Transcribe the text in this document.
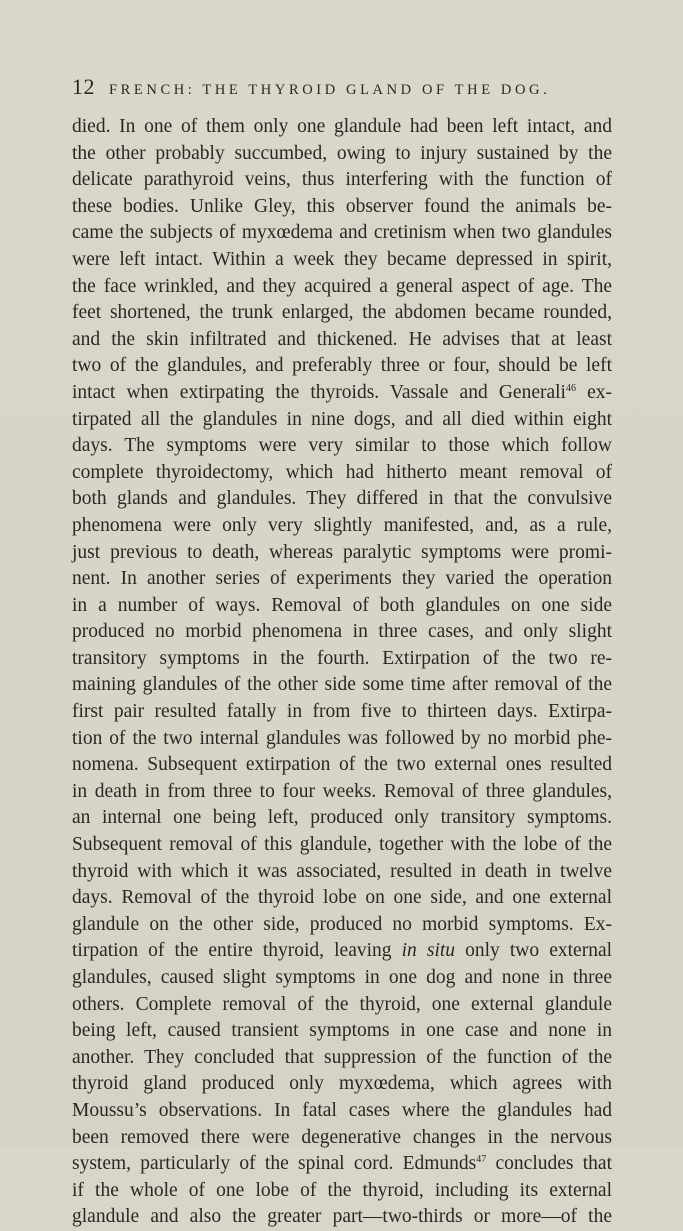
12 FRENCH: THE THYROID GLAND OF THE DOG.
died. In one of them only one glandule had been left intact, and
the other probably succumbed, owing to injury sustained by the
delicate parathyroid veins, thus interfering with the function of
these bodies. Unlike Gley, this observer found the animals be-
came the subjects of myxœdema and cretinism when two glandules
were left intact. Within a week they became depressed in spirit,
the face wrinkled, and they acquired a general aspect of age. The
feet shortened, the trunk enlarged, the abdomen became rounded,
and the skin infiltrated and thickened. He advises that at least
two of the glandules, and preferably three or four, should be left
intact when extirpating the thyroids. Vassale and Generali$^{46}$ ex-
tirpated all the glandules in nine dogs, and all died within eight
days. The symptoms were very similar to those which follow
complete thyroidectomy, which had hitherto meant removal of
both glands and glandules. They differed in that the convulsive
phenomena were only very slightly manifested, and, as a rule,
just previous to death, whereas paralytic symptoms were promi-
nent. In another series of experiments they varied the operation
in a number of ways. Removal of both glandules on one side
produced no morbid phenomena in three cases, and only slight
transitory symptoms in the fourth. Extirpation of the two re-
maining glandules of the other side some time after removal of the
first pair resulted fatally in from five to thirteen days. Extirpa-
tion of the two internal glandules was followed by no morbid phe-
nomena. Subsequent extirpation of the two external ones resulted
in death in from three to four weeks. Removal of three glandules,
an internal one being left, produced only transitory symptoms.
Subsequent removal of this glandule, together with the lobe of the
thyroid with which it was associated, resulted in death in twelve
days. Removal of the thyroid lobe on one side, and one external
glandule on the other side, produced no morbid symptoms. Ex-
tirpation of the entire thyroid, leaving in situ only two external
glandules, caused slight symptoms in one dog and none in three
others. Complete removal of the thyroid, one external glandule
being left, caused transient symptoms in one case and none in
another. They concluded that suppression of the function of the
thyroid gland produced only myxœdema, which agrees with
Moussu’s observations. In fatal cases where the glandules had
been removed there were degenerative changes in the nervous
system, particularly of the spinal cord. Edmunds$^{47}$ concludes that
if the whole of one lobe of the thyroid, including its external
glandule and also the greater part—two-thirds or more—of the
